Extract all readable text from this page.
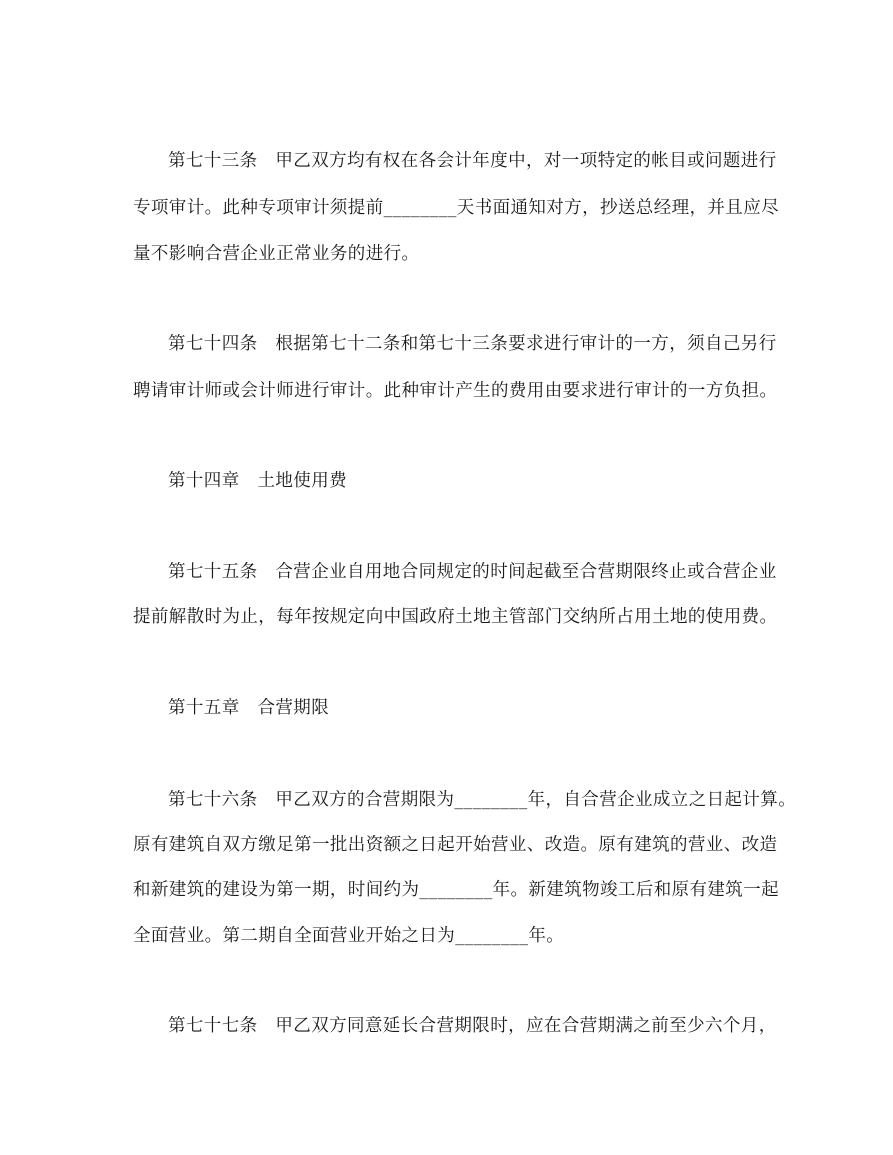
第七十三条　甲乙双方均有权在各会计年度中，对一项特定的帐目或问题进行
专项审计。此种专项审计须提前________天书面通知对方，抄送总经理，并且应尽
量不影响合营企业正常业务的进行。
第七十四条　根据第七十二条和第七十三条要求进行审计的一方，须自己另行
聘请审计师或会计师进行审计。此种审计产生的费用由要求进行审计的一方负担。
第十四章　土地使用费
第七十五条　合营企业自用地合同规定的时间起截至合营期限终止或合营企业
提前解散时为止，每年按规定向中国政府土地主管部门交纳所占用土地的使用费。
第十五章　合营期限
第七十六条　甲乙双方的合营期限为________年，自合营企业成立之日起计算。
原有建筑自双方缴足第一批出资额之日起开始营业、改造。原有建筑的营业、改造
和新建筑的建设为第一期，时间约为________年。新建筑物竣工后和原有建筑一起
全面营业。第二期自全面营业开始之日为________年。
第七十七条　甲乙双方同意延长合营期限时，应在合营期满之前至少六个月，
